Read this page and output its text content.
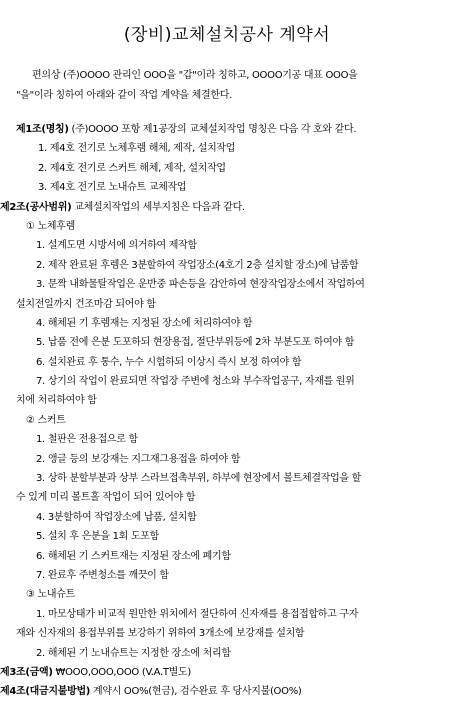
(장비)교체설치공사 계약서
편의상 (주)OOOO 관리인 OOO을 "갑"이라 칭하고, OOOO기공 대표 OOO을
"을"이라 칭하여 아래와 같이 작업 계약을 체결한다.
제1조(명칭) (주)OOOO 포항 제1공장의 교체설치작업 명칭은 다음 각 호와 같다.
1. 제4호 전기로 노체후렘 해체, 제작, 설치작업
2. 제4호 전기로 스커트 해체, 제작, 설치작업
3. 제4호 전기로 노내슈트 교체작업
제2조(공사범위) 교체설치작업의 세부지침은 다음과 같다.
① 노체후렘
1. 설계도면 시방서에 의거하여 제작함
2. 제작 완료된 후렘은 3분할하여 작업장소(4호기 2층 설치할 장소)에 납품함
3. 문짝 내화물탈작업은 운반중 파손등을 감안하여 현장작업장소에서 작업하여
설치전일까지 건조마감 되어야 함
4. 해체된 기 후렘재는 지정된 장소에 처리하여야 함
5. 납품 전에 은분 도포하되 현장용접, 절단부위등에 2차 부분도포 하여야 함
6. 설치완료 후 통수, 누수 시험하되 이상시 즉시 보정 하여야 함
7. 상기의 작업이 완료되면 작업장 주변에 청소와 부수작업공구, 자재를 원위
치에 처리하여야 함
② 스커트
1. 철판은 전용접으로 함
2. 앵글 등의 보강재는 지그재그용접을 하여야 함
3. 상하 분할부분과 상부 스라브접촉부위, 하부에 현장에서 볼트체결작업을 할
수 있게 미리 볼트홀 작업이 되어 있어야 함
4. 3분할하여 작업장소에 납품, 설치함
5. 설치 후 은분을 1회 도포함
6. 해체된 기 스커트재는 지정된 장소에 폐기함
7. 완료후 주변청소를 깨끗이 함
③ 노내슈트
1. 마모상태가 비교적 원만한 위치에서 절단하여 신자재를 용접접합하고 구자
재와 신자재의 용접부위를 보강하기 위하여 3개소에 보강재를 설치함
2. 해체된 기 노내슈트는 지정한 장소에 처리함
제3조(금액) ₩OOO,OOO,OOO (V.A.T별도)
제4조(대금지불방법) 계약시 OO%(현금), 검수완료 후 당사지불(OO%)
